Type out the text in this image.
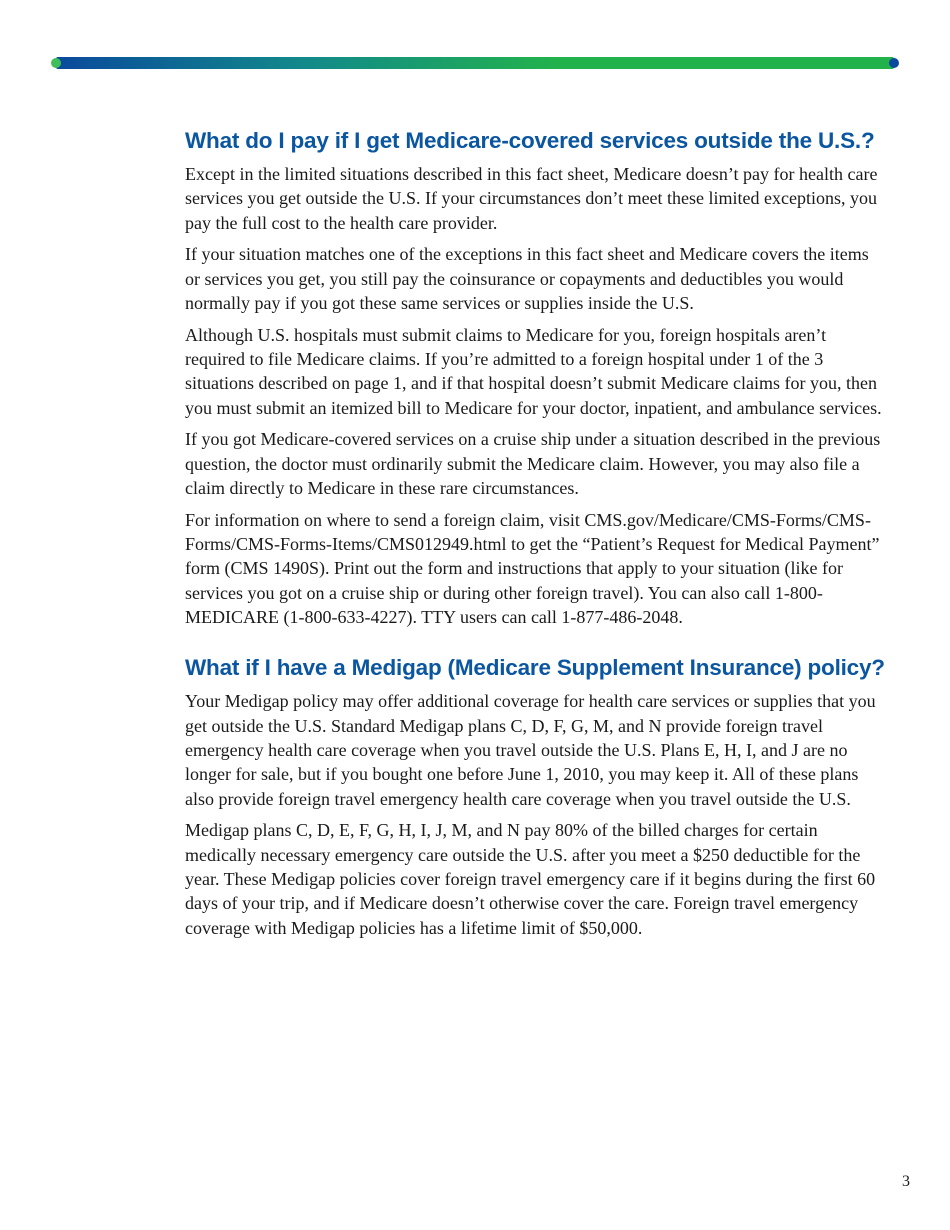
What do I pay if I get Medicare-covered services outside the U.S.?

Except in the limited situations described in this fact sheet, Medicare doesn’t pay for health care services you get outside the U.S. If your circumstances don’t meet these limited exceptions, you pay the full cost to the health care provider.

If your situation matches one of the exceptions in this fact sheet and Medicare covers the items or services you get, you still pay the coinsurance or copayments and deductibles you would normally pay if you got these same services or supplies inside the U.S.

Although U.S. hospitals must submit claims to Medicare for you, foreign hospitals aren’t required to file Medicare claims. If you’re admitted to a foreign hospital under 1 of the 3 situations described on page 1, and if that hospital doesn’t submit Medicare claims for you, then you must submit an itemized bill to Medicare for your doctor, inpatient, and ambulance services.

If you got Medicare-covered services on a cruise ship under a situation described in the previous question, the doctor must ordinarily submit the Medicare claim. However, you may also file a claim directly to Medicare in these rare circumstances.

For information on where to send a foreign claim, visit CMS.gov/Medicare/CMS-Forms/CMS-Forms/CMS-Forms-Items/CMS012949.html to get the “Patient’s Request for Medical Payment” form (CMS 1490S). Print out the form and instructions that apply to your situation (like for services you got on a cruise ship or during other foreign travel). You can also call 1-800-MEDICARE (1-800-633-4227). TTY users can call 1-877-486-2048.

What if I have a Medigap (Medicare Supplement Insurance) policy?

Your Medigap policy may offer additional coverage for health care services or supplies that you get outside the U.S. Standard Medigap plans C, D, F, G, M, and N provide foreign travel emergency health care coverage when you travel outside the U.S. Plans E, H, I, and J are no longer for sale, but if you bought one before June 1, 2010, you may keep it. All of these plans also provide foreign travel emergency health care coverage when you travel outside the U.S.

Medigap plans C, D, E, F, G, H, I, J, M, and N pay 80% of the billed charges for certain medically necessary emergency care outside the U.S. after you meet a $250 deductible for the year. These Medigap policies cover foreign travel emergency care if it begins during the first 60 days of your trip, and if Medicare doesn’t otherwise cover the care. Foreign travel emergency coverage with Medigap policies has a lifetime limit of $50,000.

3
